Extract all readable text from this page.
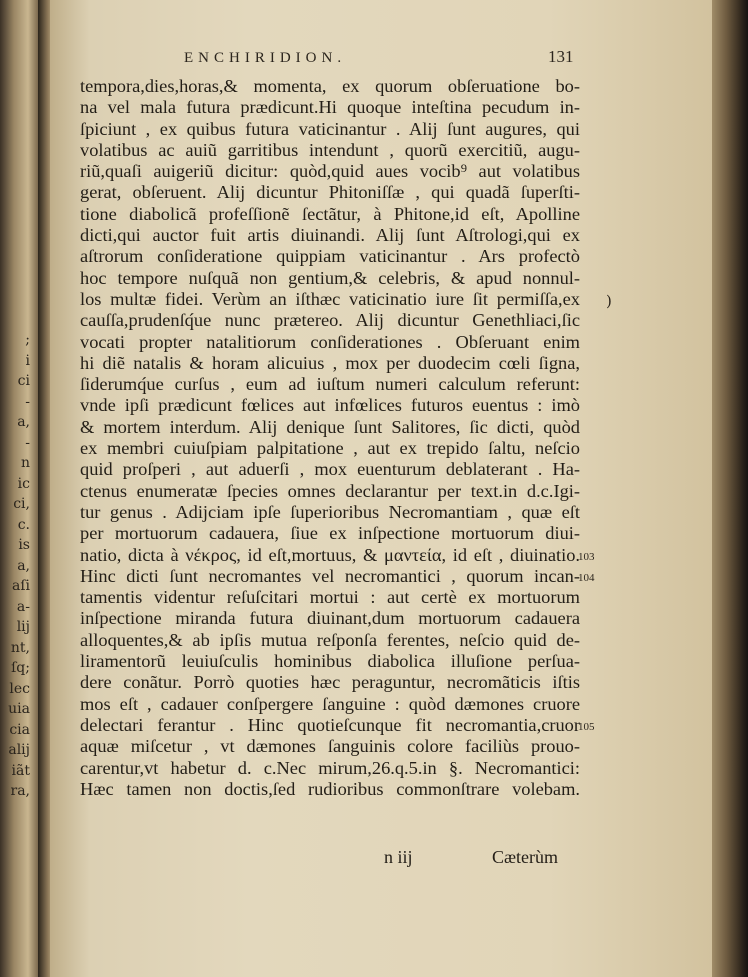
;
i
ci
-
a,
-
n
ic
ci,
c.
is
a,
aſi
a-
lij
nt,
ſq;
lec
uia
cia
alij
iãt
ra,
ENCHIRIDION.	131
tempora,dies,horas,& momenta, ex quorum obſeruatione bo-
na vel mala futura prædicunt.Hi quoque inteſtina pecudum in-
ſpiciunt , ex quibus futura vaticinantur . Alij ſunt augures, qui
volatibus ac auiũ garritibus intendunt , quorũ exercitiũ, augu-
riũ,quaſi auigeriũ dicitur: quòd,quid aues vocib⁹ aut volatibus
gerat, obſeruent. Alij dicuntur Phitoniſſæ , qui quadã ſuperſti-
tione diabolicã profeſſionẽ ſectãtur, à Phitone,id eſt, Apolline
dicti,qui auctor fuit artis diuinandi. Alij ſunt Aſtrologi,qui ex
aſtrorum conſideratione quippiam vaticinantur . Ars profectò
hoc tempore nuſquã non gentium,& celebris, & apud nonnul-
los multæ fidei. Verùm an iſthæc vaticinatio iure ſit permiſſa,ex
cauſſa,prudenſq́ue nunc prætereo. Alij dicuntur Genethliaci,ſic
vocati propter natalitiorum conſiderationes . Obſeruant enim
hi diẽ natalis & horam alicuius , mox per duodecim cœli ſigna,
ſiderumq́ue curſus , eum ad iuſtum numeri calculum referunt:
vnde ipſi prædicunt fœlices aut infœlices futuros euentus : imò
& mortem interdum. Alij denique ſunt Salitores, ſic dicti, quòd
ex membri cuiuſpiam palpitatione , aut ex trepido ſaltu, neſcio
quid proſperi , aut aduerſi , mox euenturum deblaterant . Ha-
ctenus enumeratæ ſpecies omnes declarantur per text.in d.c.Igi-
tur genus . Adijciam ipſe ſuperioribus Necromantiam , quæ eſt
per mortuorum cadauera, ſiue ex inſpectione mortuorum diui-
natio, dicta à νέκρος, id eſt,mortuus, & μαντεία, id eſt , diuinatio.
Hinc dicti ſunt necromantes vel necromantici , quorum incan-
tamentis videntur reſuſcitari mortui : aut certè ex mortuorum
inſpectione miranda futura diuinant,dum mortuorum cadauera
alloquentes,& ab ipſis mutua reſponſa ferentes, neſcio quid de-
liramentorũ leuiuſculis hominibus diabolica illuſione perſua-
dere conãtur. Porrò quoties hæc peraguntur, necromãticis iſtis
mos eſt , cadauer conſpergere ſanguine : quòd dæmones cruore
delectari ferantur . Hinc quotieſcunque fit necromantia,cruor
aquæ miſcetur , vt dæmones ſanguinis colore faciliùs prouo-
carentur,vt habetur d. c.Nec mirum,26.q.5.in §. Necromantici:
Hæc tamen non doctis,ſed rudioribus commonſtrare volebam.
103
104
105
)
n iij	Cæterùm
